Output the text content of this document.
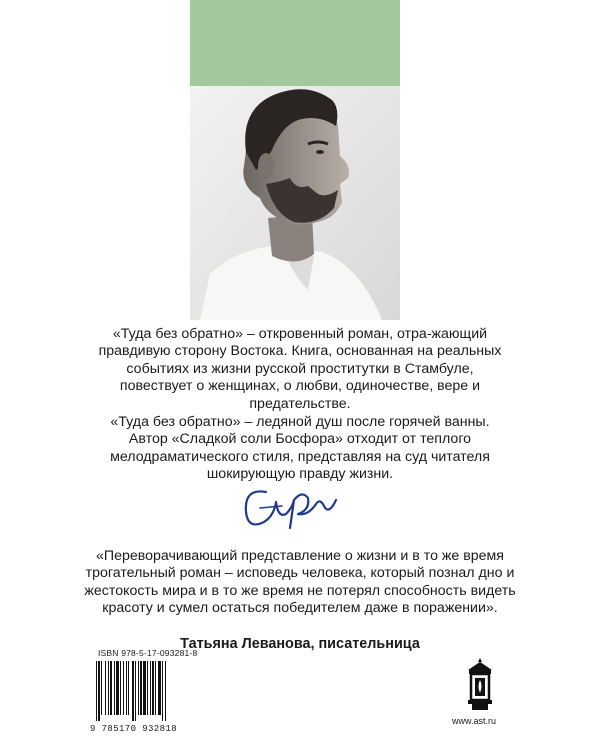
«Туда без обратно» – откровенный роман, отра-жающий правдивую сторону Востока. Книга, основанная на реальных событиях из жизни русской проститутки в Стамбуле, повествует о женщинах, о любви, одиночестве, вере и предательстве.

«Туда без обратно» – ледяной душ после горячей ванны. Автор «Сладкой соли Босфора» отходит от теплого мелодраматического стиля, представляя на суд читателя шокирующую правду жизни.

«Переворачивающий представление о жизни и в то же время трогательный роман – исповедь человека, который познал дно и жестокость мира и в то же время не потерял способность видеть красоту и сумел остаться победителем даже в поражении».

Татьяна Леванова, писательница

ISBN 978-5-17-093281-8
9 785170 932818
www.ast.ru
